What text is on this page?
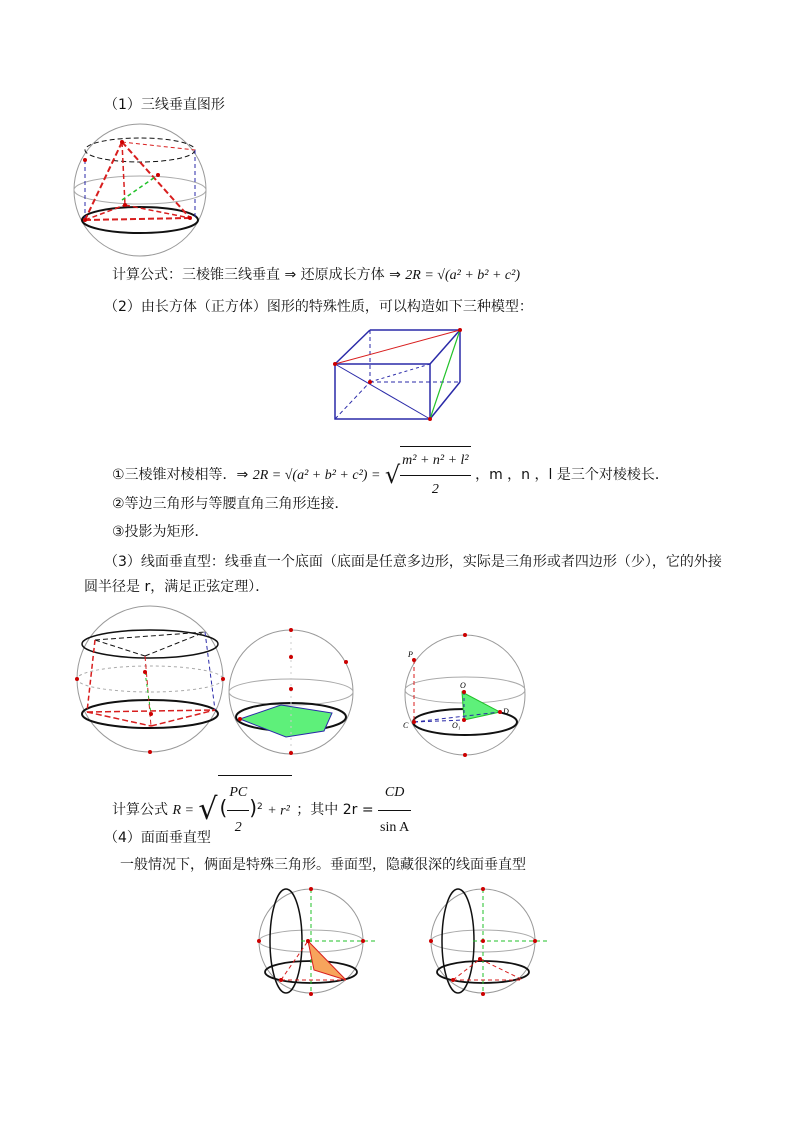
（1）三线垂直图形
计算公式：三棱锥三线垂直 ⇒ 还原成长方体 ⇒ 2R = √(a² + b² + c²)
（2）由长方体（正方体）图形的特殊性质，可以构造如下三种模型：
①三棱锥对棱相等．⇒ 2R = √(a² + b² + c²) = √ $\frac{\text{m² + n² + l²}}{2}$ ，m ，n ，l 是三个对棱棱长．
②等边三角形与等腰直角三角形连接．
③投影为矩形．
（3）线面垂直型：线垂直一个底面（底面是任意多边形，实际是三角形或者四边形（少），它的外接
圆半径是 r，满足正弦定理）．
P
O
O₁
C
D
计算公式 R = √ ( $\frac{PC}{2} )^2 + r^2$ ；其中 $2r = \frac{CD}{\text{sin A}}$
（4）面面垂直型
一般情况下，俩面是特殊三角形。垂面型，隐藏很深的线面垂直型
